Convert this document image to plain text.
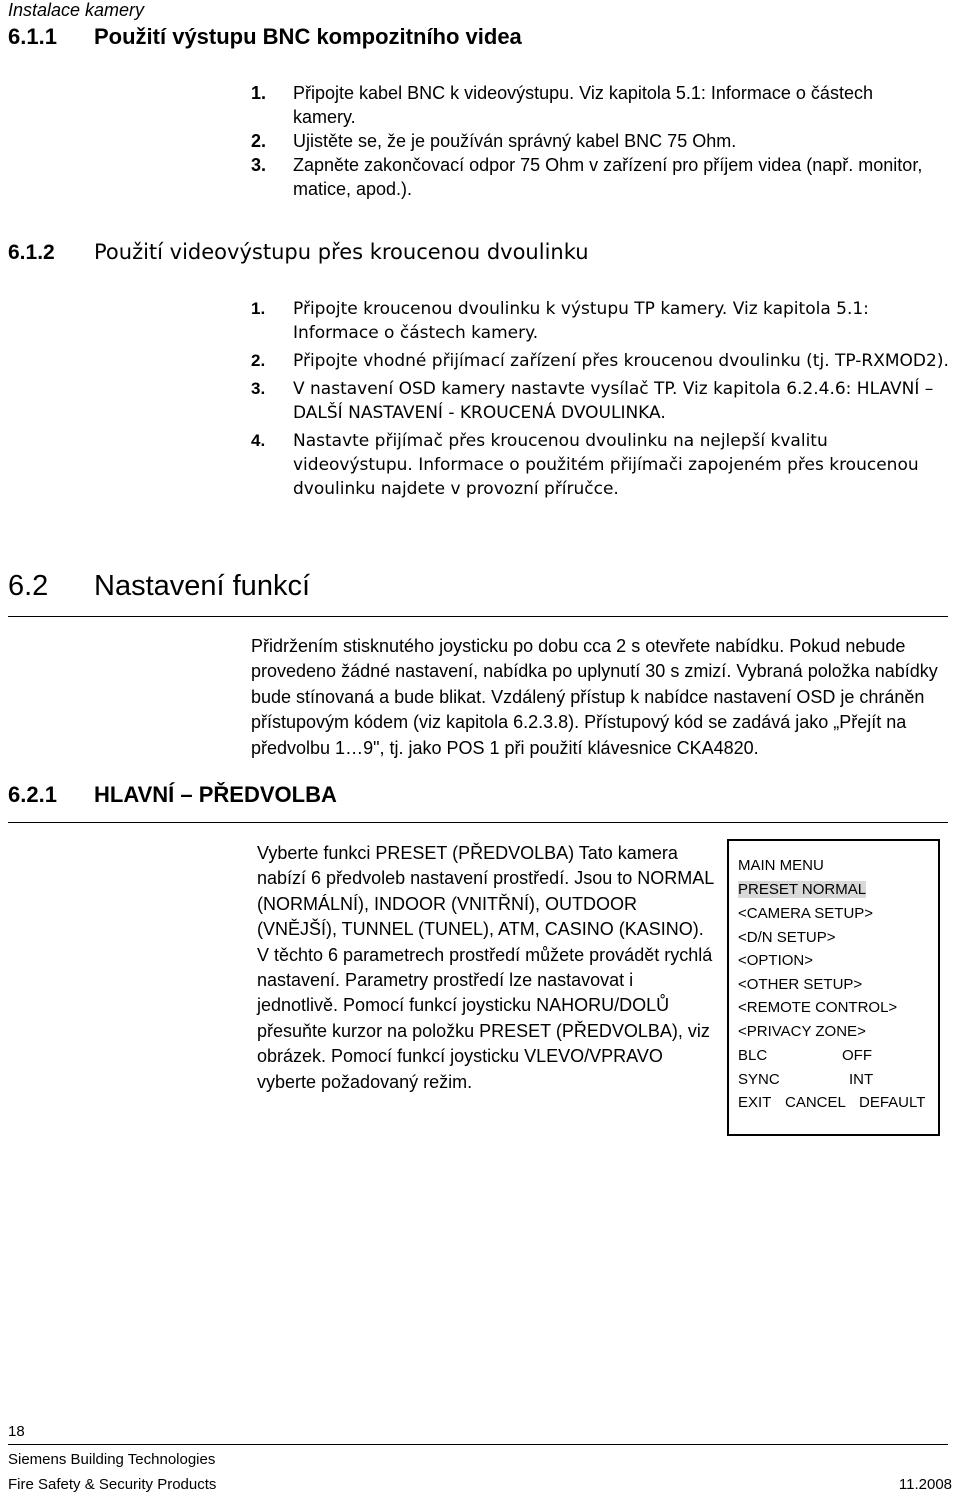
Instalace kamery
6.1.1 Použití výstupu BNC kompozitního videa
1. Připojte kabel BNC k videovýstupu. Viz kapitola 5.1: Informace o částech kamery.
2. Ujistěte se, že je používán správný kabel BNC 75 Ohm.
3. Zapněte zakončovací odpor 75 Ohm v zařízení pro příjem videa (např. monitor, matice, apod.).
6.1.2 Použití videovýstupu přes kroucenou dvoulinku
1. Připojte kroucenou dvoulinku k výstupu TP kamery. Viz kapitola 5.1: Informace o částech kamery.
2. Připojte vhodné přijímací zařízení přes kroucenou dvoulinku (tj. TP-RXMOD2).
3. V nastavení OSD kamery nastavte vysílač TP. Viz kapitola 6.2.4.6: HLAVNÍ – DALŠÍ NASTAVENÍ - KROUCENÁ DVOULINKA.
4. Nastavte přijímač přes kroucenou dvoulinku na nejlepší kvalitu videovýstupu. Informace o použitém přijímači zapojeném přes kroucenou dvoulinku najdete v provozní příručce.
6.2 Nastavení funkcí
Přidržením stisknutého joysticku po dobu cca 2 s otevřete nabídku. Pokud nebude provedeno žádné nastavení, nabídka po uplynutí 30 s zmizí. Vybraná položka nabídky bude stínovaná a bude blikat. Vzdálený přístup k nabídce nastavení OSD je chráněn přístupovým kódem (viz kapitola 6.2.3.8). Přístupový kód se zadává jako „Přejít na předvolbu 1…9", tj. jako POS 1 při použití klávesnice CKA4820.
6.2.1 HLAVNÍ – PŘEDVOLBA
Vyberte funkci PRESET (PŘEDVOLBA) Tato kamera nabízí 6 předvoleb nastavení prostředí. Jsou to NORMAL (NORMÁLNÍ), INDOOR (VNITŘNÍ), OUTDOOR (VNĚJŠÍ), TUNNEL (TUNEL), ATM, CASINO (KASINO). V těchto 6 parametrech prostředí můžete provádět rychlá nastavení. Parametry prostředí lze nastavovat i jednotlivě. Pomocí funkcí joysticku NAHORU/DOLŮ přesuňte kurzor na položku PRESET (PŘEDVOLBA), viz obrázek. Pomocí funkcí joysticku VLEVO/VPRAVO vyberte požadovaný režim.
MAIN MENU
PRESET NORMAL
<CAMERA SETUP>
<D/N SETUP>
<OPTION>
<OTHER SETUP>
<REMOTE CONTROL>
<PRIVACY ZONE>
BLC	OFF
SYNC	INT
EXIT CANCEL DEFAULT
18
Siemens Building Technologies
Fire Safety & Security Products	11.2008
